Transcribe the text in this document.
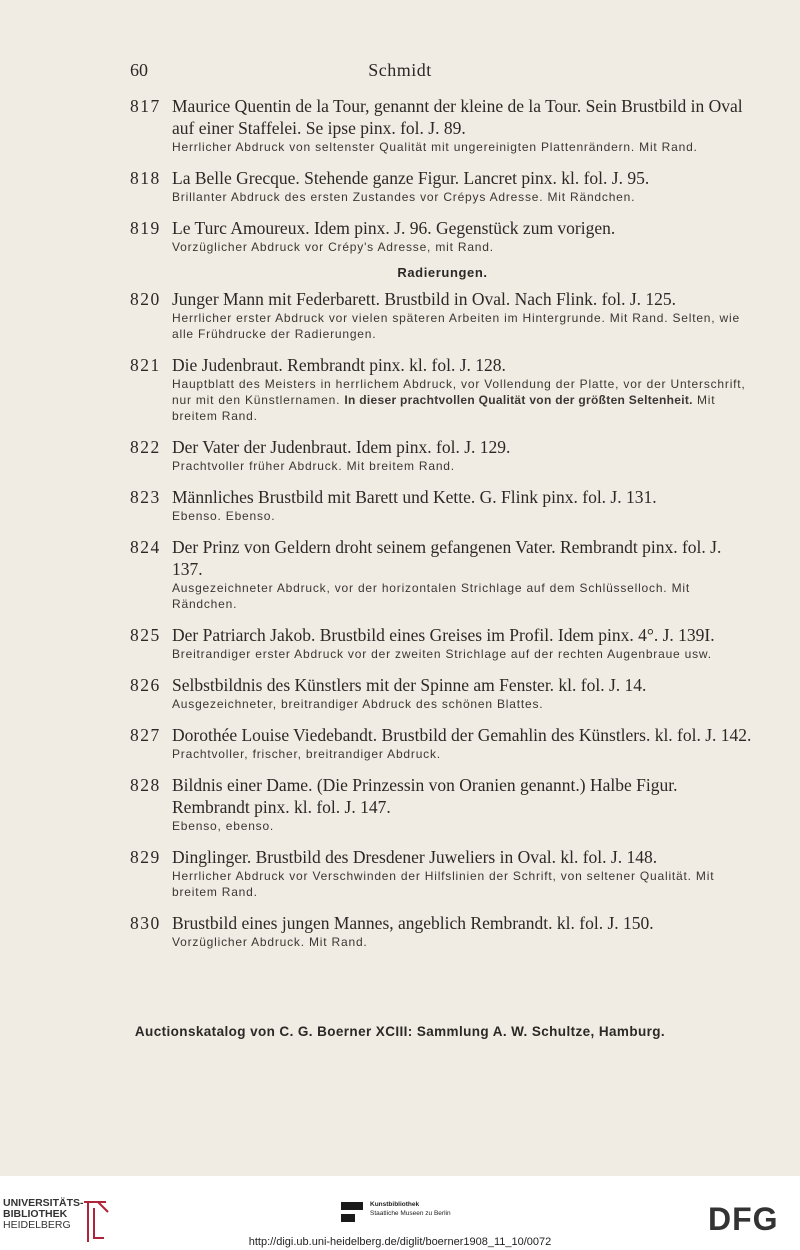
60	Schmidt
817 Maurice Quentin de la Tour, genannt der kleine de la Tour. Sein Brustbild in Oval auf einer Staffelei. Se ipse pinx. fol. J. 89.
Herrlicher Abdruck von seltenster Qualität mit ungereinigten Plattenrändern. Mit Rand.
818 La Belle Grecque. Stehende ganze Figur. Lancret pinx. kl. fol. J. 95.
Brillanter Abdruck des ersten Zustandes vor Crépys Adresse. Mit Rändchen.
819 Le Turc Amoureux. Idem pinx. J. 96. Gegenstück zum vorigen.
Vorzüglicher Abdruck vor Crépy's Adresse, mit Rand.
Radierungen.
820 Junger Mann mit Federbarett. Brustbild in Oval. Nach Flink. fol. J. 125.
Herrlicher erster Abdruck vor vielen späteren Arbeiten im Hintergrunde. Mit Rand. Selten, wie alle Frühdrucke der Radierungen.
821 Die Judenbraut. Rembrandt pinx. kl. fol. J. 128.
Hauptblatt des Meisters in herrlichem Abdruck, vor Vollendung der Platte, vor der Unterschrift, nur mit den Künstlernamen. In dieser prachtvollen Qualität von der größten Seltenheit. Mit breitem Rand.
822 Der Vater der Judenbraut. Idem pinx. fol. J. 129.
Prachtvoller früher Abdruck. Mit breitem Rand.
823 Männliches Brustbild mit Barett und Kette. G. Flink pinx. fol. J. 131.
Ebenso. Ebenso.
824 Der Prinz von Geldern droht seinem gefangenen Vater. Rembrandt pinx. fol. J. 137.
Ausgezeichneter Abdruck, vor der horizontalen Strichlage auf dem Schlüsselloch. Mit Rändchen.
825 Der Patriarch Jakob. Brustbild eines Greises im Profil. Idem pinx. 4°. J. 139I.
Breitrandiger erster Abdruck vor der zweiten Strichlage auf der rechten Augenbraue usw.
826 Selbstbildnis des Künstlers mit der Spinne am Fenster. kl. fol. J. 14.
Ausgezeichneter, breitrandiger Abdruck des schönen Blattes.
827 Dorothée Louise Viedebandt. Brustbild der Gemahlin des Künstlers. kl. fol. J. 142.
Prachtvoller, frischer, breitrandiger Abdruck.
828 Bildnis einer Dame. (Die Prinzessin von Oranien genannt.) Halbe Figur. Rembrandt pinx. kl. fol. J. 147.
Ebenso, ebenso.
829 Dinglinger. Brustbild des Dresdener Juweliers in Oval. kl. fol. J. 148.
Herrlicher Abdruck vor Verschwinden der Hilfslinien der Schrift, von seltener Qualität. Mit breitem Rand.
830 Brustbild eines jungen Mannes, angeblich Rembrandt. kl. fol. J. 150.
Vorzüglicher Abdruck. Mit Rand.
Auctionskatalog von C. G. Boerner XCIII: Sammlung A. W. Schultze, Hamburg.
UNIVERSITÄTS-
BIBLIOTHEK
HEIDELBERG
Kunstbibliothek
Staatliche Museen zu Berlin	DFG
http://digi.ub.uni-heidelberg.de/diglit/boerner1908_11_10/0072
